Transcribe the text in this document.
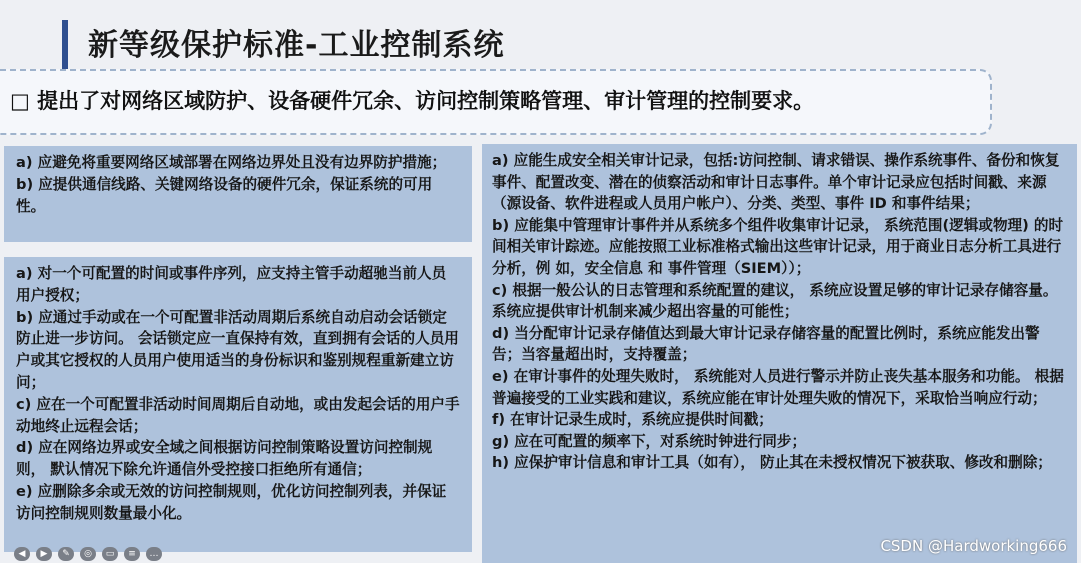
新等级保护标准-工业控制系统
□ 提出了对网络区域防护、设备硬件冗余、访问控制策略管理、审计管理的控制要求。

a) 应避免将重要网络区域部署在网络边界处且没有边界防护措施；

b) 应提供通信线路、关键网络设备的硬件冗余，保证系统的可用性。

a) 对一个可配置的时间或事件序列，应支持主管手动超驰当前人员用户授权；

b) 应通过手动或在一个可配置非活动周期后系统自动启动会话锁定防止进一步访问。 会话锁定应一直保持有效，直到拥有会话的人员用户或其它授权的人员用户使用适当的身份标识和鉴别规程重新建立访问；

c) 应在一个可配置非活动时间周期后自动地，或由发起会话的用户手动地终止远程会话；

d) 应在网络边界或安全域之间根据访问控制策略设置访问控制规则， 默认情况下除允许通信外受控接口拒绝所有通信；

e) 应删除多余或无效的访问控制规则，优化访问控制列表，并保证访问控制规则数量最小化。

a) 应能生成安全相关审计记录，包括:访问控制、请求错误、操作系统事件、备份和恢复事件、配置改变、潜在的侦察活动和审计日志事件。单个审计记录应包括时间戳、来源（源设备、软件进程或人员用户帐户）、分类、类型、事件 ID 和事件结果；

b) 应能集中管理审计事件并从系统多个组件收集审计记录， 系统范围(逻辑或物理) 的时间相关审计踪迹。应能按照工业标准格式输出这些审计记录，用于商业日志分析工具进行分析，例 如，安全信息 和 事件管理（SIEM））；

c) 根据一般公认的日志管理和系统配置的建议， 系统应设置足够的审计记录存储容量。 系统应提供审计机制来减少超出容量的可能性；

d) 当分配审计记录存储值达到最大审计记录存储容量的配置比例时，系统应能发出警告；当容量超出时，支持覆盖；

e) 在审计事件的处理失败时， 系统能对人员进行警示并防止丧失基本服务和功能。 根据普遍接受的工业实践和建议，系统应能在审计处理失败的情况下，采取恰当响应行动；

f) 在审计记录生成时，系统应提供时间戳；

g) 应在可配置的频率下，对系统时钟进行同步；

h) 应保护审计信息和审计工具（如有）， 防止其在未授权情况下被获取、修改和删除；

◀	▶	✎	◎	▭	≡	…	CSDN @Hardworking666
